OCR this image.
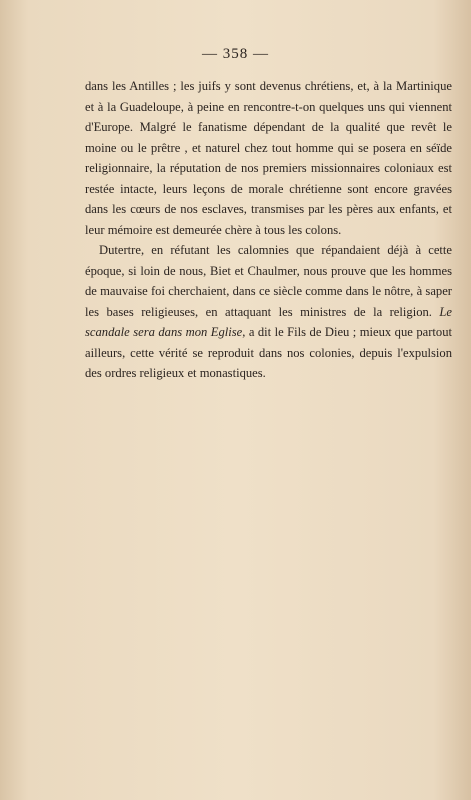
— 358 —

dans les Antilles ; les juifs y sont devenus chrétiens, et, à la Martinique et à la Guadeloupe, à peine en rencontre-t-on quelques uns qui viennent d'Europe. Malgré le fanatisme dépendant de la qualité que revêt le moine ou le prêtre , et naturel chez tout homme qui se posera en séïde religionnaire, la réputation de nos premiers missionnaires coloniaux est restée intacte, leurs leçons de morale chrétienne sont encore gravées dans les cœurs de nos esclaves, transmises par les pères aux enfants, et leur mémoire est demeurée chère à tous les colons.

Dutertre, en réfutant les calomnies que répandaient déjà à cette époque, si loin de nous, Biet et Chaulmer, nous prouve que les hommes de mauvaise foi cherchaient, dans ce siècle comme dans le nôtre, à saper les bases religieuses, en attaquant les ministres de la religion. Le scandale sera dans mon Eglise, a dit le Fils de Dieu ; mieux que partout ailleurs, cette vérité se reproduit dans nos colonies, depuis l'expulsion des ordres religieux et monastiques.
